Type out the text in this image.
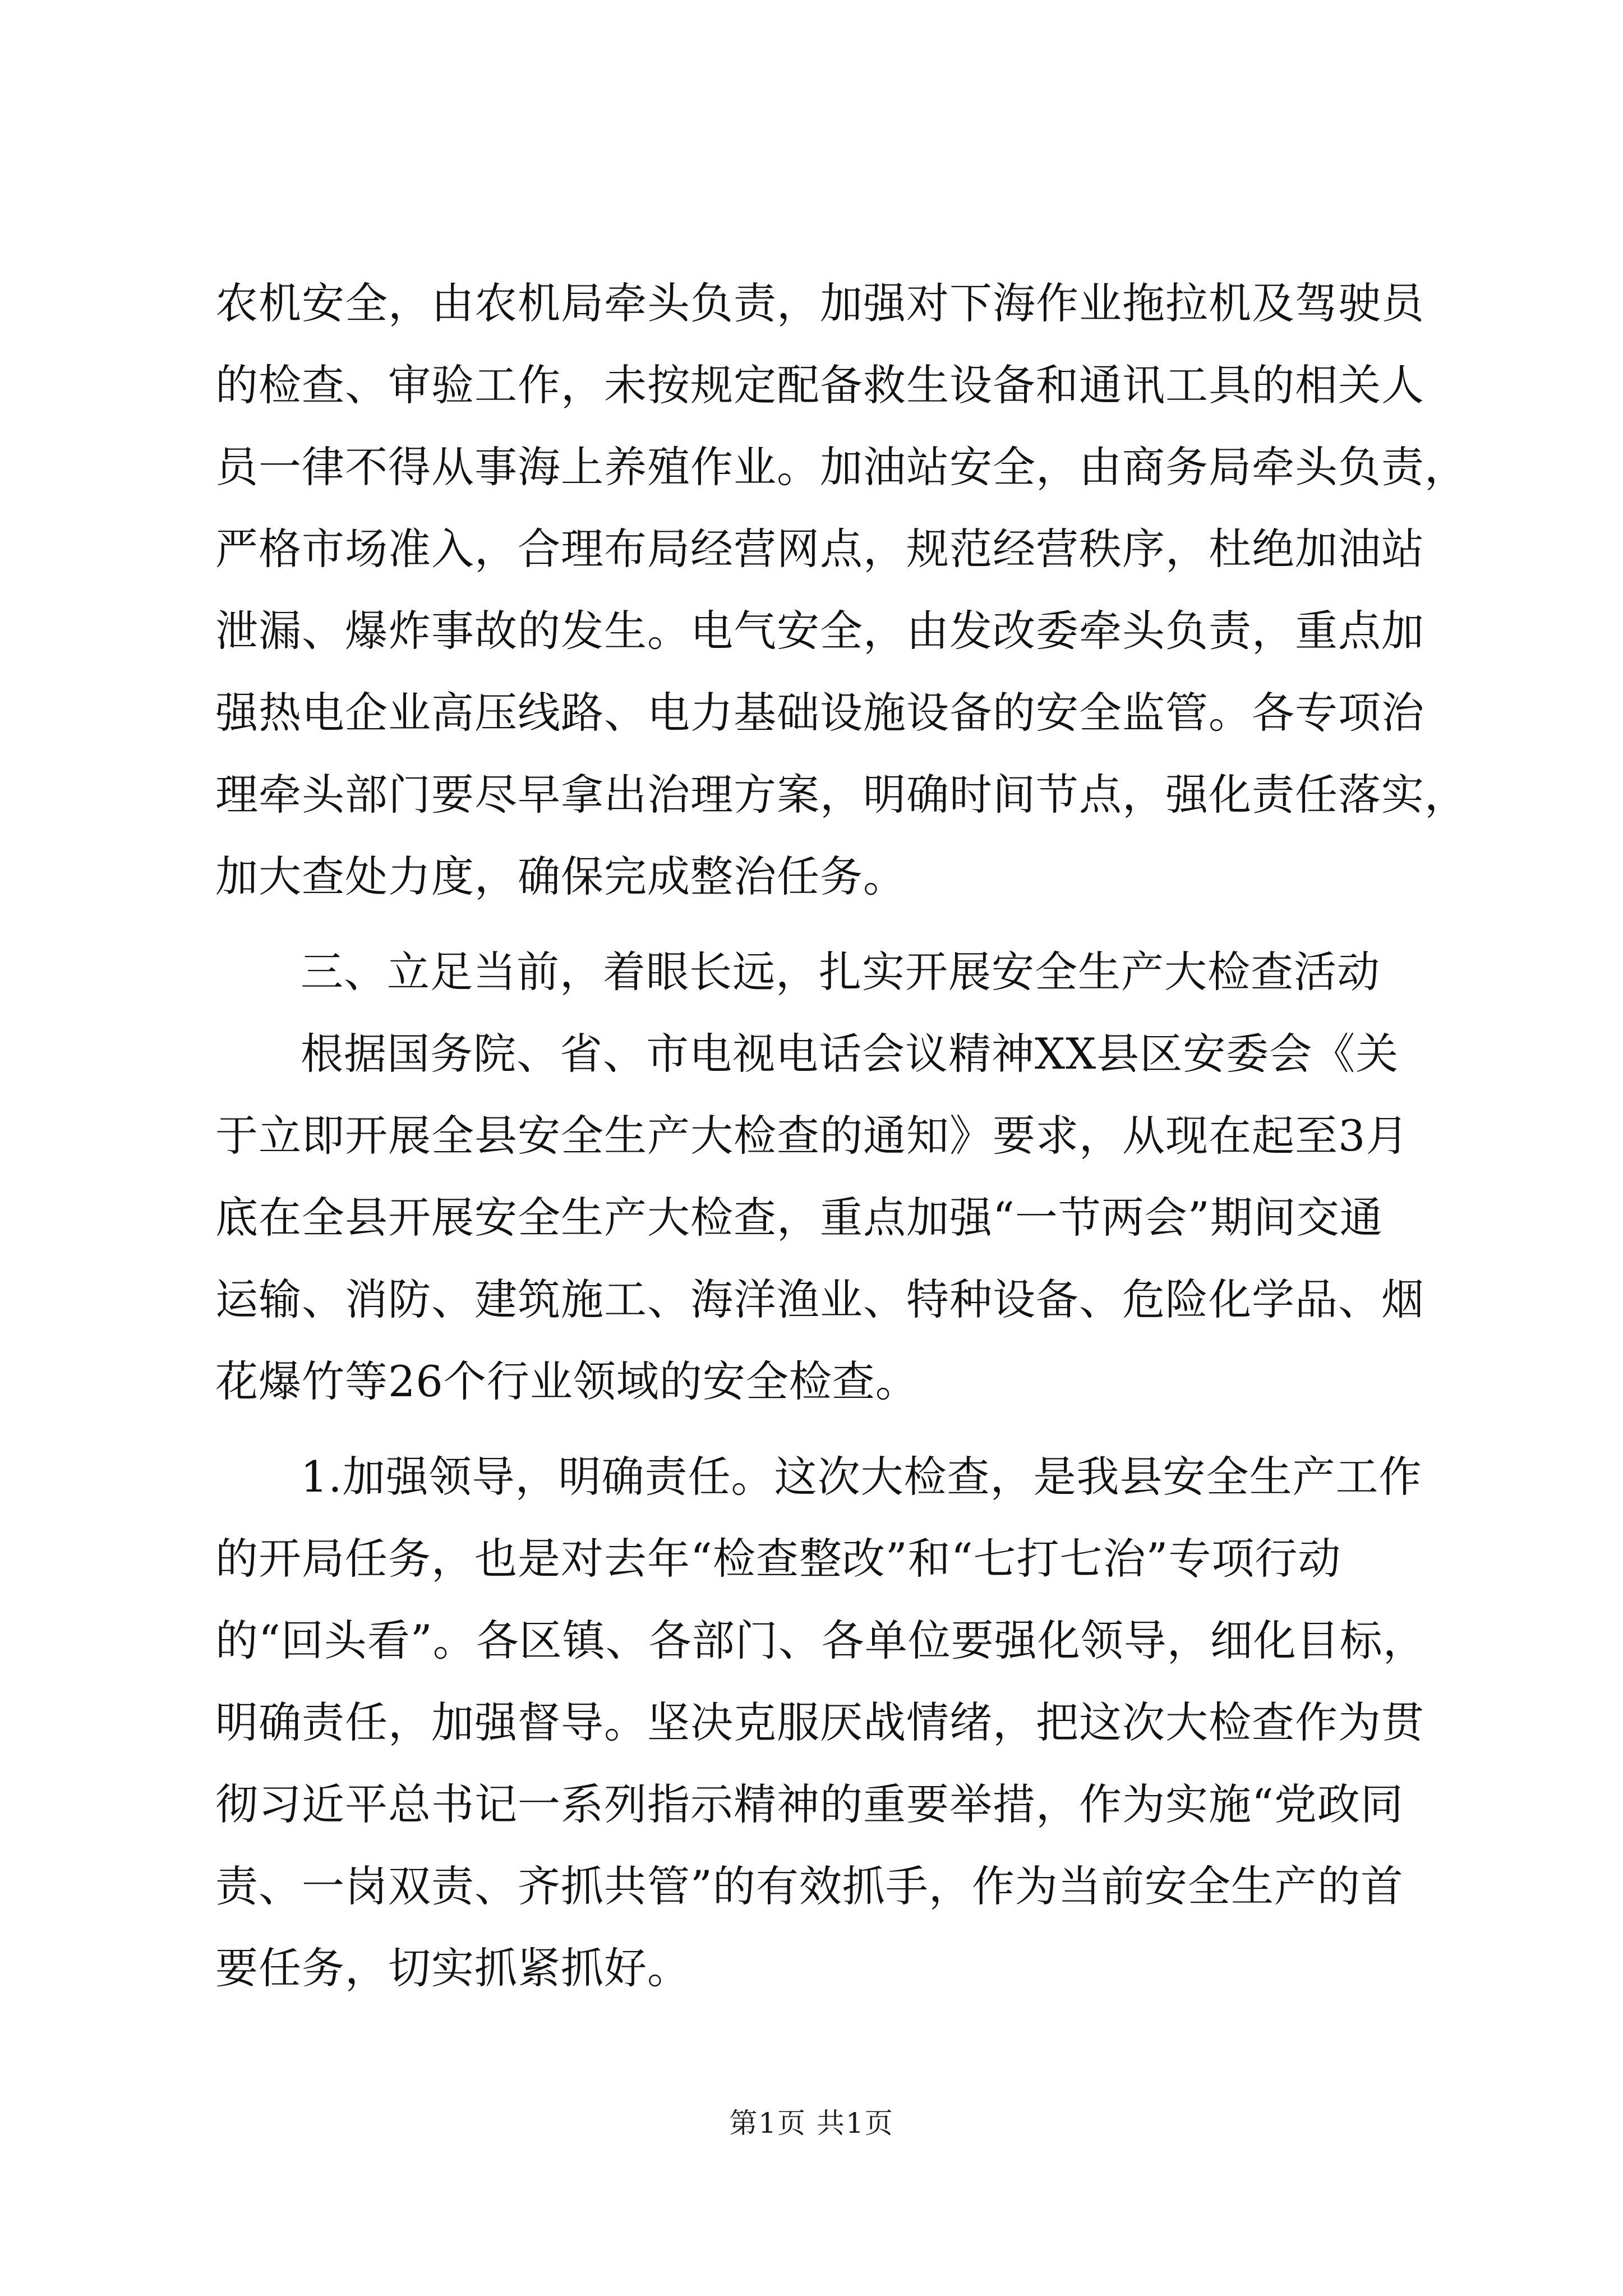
农机安全，由农机局牵头负责，加强对下海作业拖拉机及驾驶员
的检查、审验工作，未按规定配备救生设备和通讯工具的相关人
员一律不得从事海上养殖作业。加油站安全，由商务局牵头负责，
严格市场准入，合理布局经营网点，规范经营秩序，杜绝加油站
泄漏、爆炸事故的发生。电气安全，由发改委牵头负责，重点加
强热电企业高压线路、电力基础设施设备的安全监管。各专项治
理牵头部门要尽早拿出治理方案，明确时间节点，强化责任落实，
加大查处力度，确保完成整治任务。
三、立足当前，着眼长远，扎实开展安全生产大检查活动
根据国务院、省、市电视电话会议精神XX县区安委会《关
于立即开展全县安全生产大检查的通知》要求，从现在起至3月
底在全县开展安全生产大检查，重点加强“一节两会”期间交通
运输、消防、建筑施工、海洋渔业、特种设备、危险化学品、烟
花爆竹等26个行业领域的安全检查。
1.加强领导，明确责任。这次大检查，是我县安全生产工作
的开局任务，也是对去年“检查整改”和“七打七治”专项行动
的“回头看”。各区镇、各部门、各单位要强化领导，细化目标，
明确责任，加强督导。坚决克服厌战情绪，把这次大检查作为贯
彻习近平总书记一系列指示精神的重要举措，作为实施“党政同
责、一岗双责、齐抓共管”的有效抓手，作为当前安全生产的首
要任务，切实抓紧抓好。
第1页 共1页
